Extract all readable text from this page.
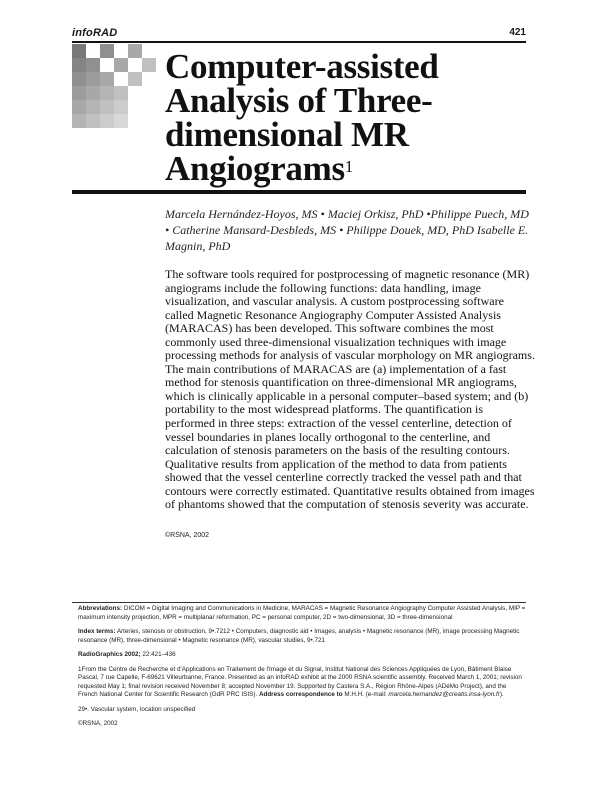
infoRAD	421
Computer-assisted Analysis of Three-dimensional MR Angiograms$^1$
Marcela Hernández-Hoyos, MS • Maciej Orkisz, PhD •Philippe Puech, MD • Catherine Mansard-Desbleds, MS • Philippe Douek, MD, PhD Isabelle E. Magnin, PhD

The software tools required for postprocessing of magnetic resonance (MR) angiograms include the following functions: data handling, image visualization, and vascular analysis. A custom postprocessing software called Magnetic Resonance Angiography Computer Assisted Analysis (MARACAS) has been developed. This software combines the most commonly used three-dimensional visualization techniques with image processing methods for analysis of vascular morphology on MR angiograms. The main contributions of MARACAS are (a) implementation of a fast method for stenosis quantification on three-dimensional MR angiograms, which is clinically applicable in a personal computer–based system; and (b) portability to the most widespread platforms. The quantification is performed in three steps: extraction of the vessel centerline, detection of vessel boundaries in planes locally orthogonal to the centerline, and calculation of stenosis parameters on the basis of the resulting contours. Qualitative results from application of the method to data from patients showed that the vessel centerline correctly tracked the vessel path and that contours were correctly estimated. Quantitative results obtained from images of phantoms showed that the computation of stenosis severity was accurate.

©RSNA, 2002

Abbreviations: DICOM = Digital Imaging and Communications in Medicine, MARACAS = Magnetic Resonance Angiography Computer Assisted Analysis, MIP = maximum intensity projection, MPR = multiplanar reformation, PC = personal computer, 2D = two-dimensional, 3D = three-dimensional

Index terms: Arteries, stenosis or obstruction, 9•.7212 • Computers, diagnostic aid • Images, analysis • Magnetic resonance (MR), image processing Magnetic resonance (MR), three-dimensional • Magnetic resonance (MR), vascular studies, 9•.721

RadioGraphics 2002; 22:421–436

1From the Centre de Recherche et d'Applications en Traitement de l'Image et du Signal, Institut National des Sciences Appliquées de Lyon, Bâtiment Blaise Pascal, 7 rue Capelle, F-69621 Villeurbanne, France. Presented as an infoRAD exhibit at the 2000 RSNA scientific assembly. Received March 1, 2001; revision requested May 1; final revision received November 8; accepted November 19. Supported by Castera S.A., Région Rhône-Alpes (ADéMo Project), and the French National Center for Scientific Research (GdR PRC ISIS). Address correspondence to M.H.H. (e-mail: marcela.hernandez@creatis.insa-lyon.fr).

29•. Vascular system, location unspecified

©RSNA, 2002
